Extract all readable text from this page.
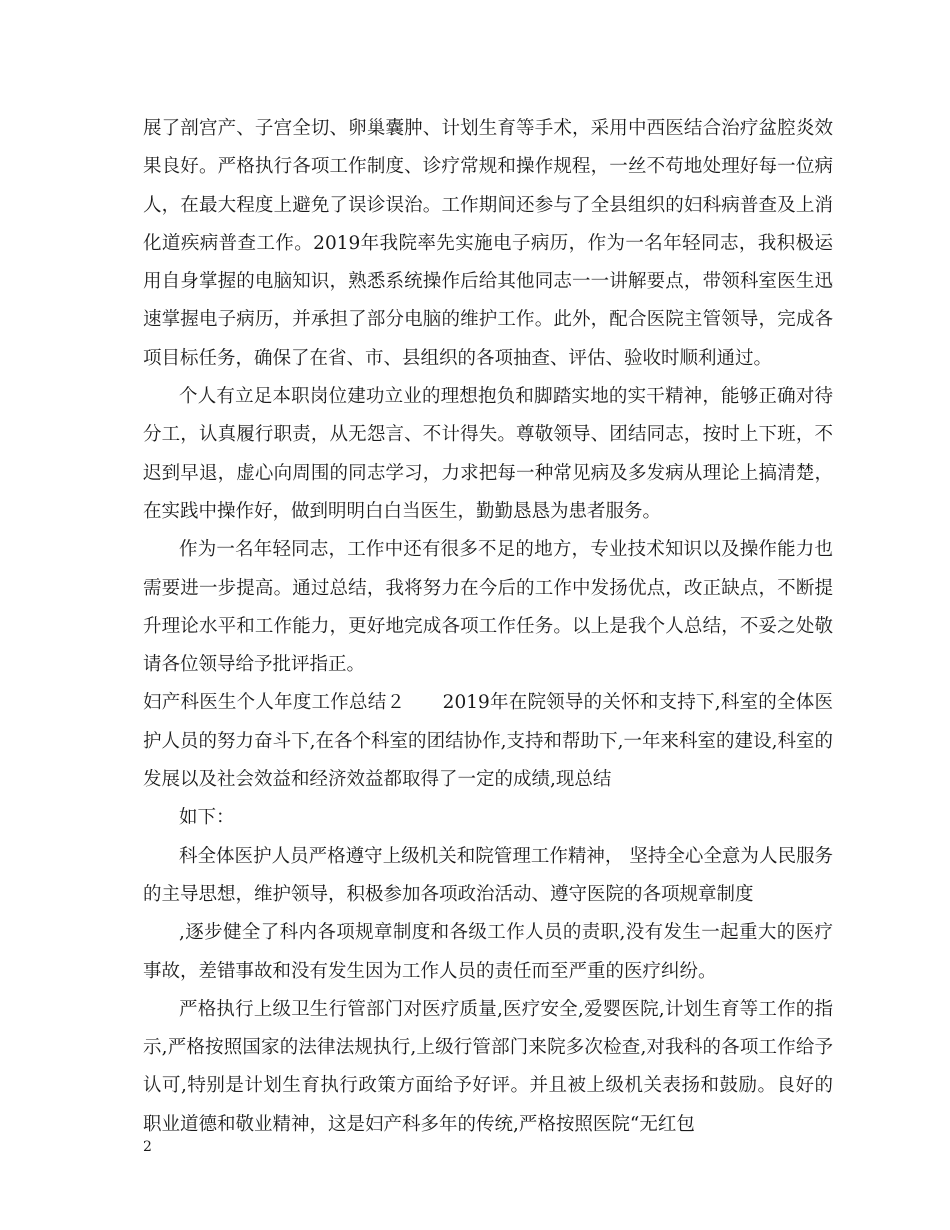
展了剖宫产、子宫全切、卵巢囊肿、计划生育等手术，采用中西医结合治疗盆腔炎效果良好。严格执行各项工作制度、诊疗常规和操作规程，一丝不苟地处理好每一位病人，在最大程度上避免了误诊误治。工作期间还参与了全县组织的妇科病普查及上消化道疾病普查工作。2019年我院率先实施电子病历，作为一名年轻同志，我积极运用自身掌握的电脑知识，熟悉系统操作后给其他同志一一讲解要点，带领科室医生迅速掌握电子病历，并承担了部分电脑的维护工作。此外，配合医院主管领导，完成各项目标任务，确保了在省、市、县组织的各项抽查、评估、验收时顺利通过。

个人有立足本职岗位建功立业的理想抱负和脚踏实地的实干精神，能够正确对待分工，认真履行职责，从无怨言、不计得失。尊敬领导、团结同志，按时上下班，不迟到早退，虚心向周围的同志学习，力求把每一种常见病及多发病从理论上搞清楚，在实践中操作好，做到明明白白当医生，勤勤恳恳为患者服务。

作为一名年轻同志，工作中还有很多不足的地方，专业技术知识以及操作能力也需要进一步提高。通过总结，我将努力在今后的工作中发扬优点，改正缺点，不断提升理论水平和工作能力，更好地完成各项工作任务。以上是我个人总结，不妥之处敬请各位领导给予批评指正。

妇产科医生个人年度工作总结２　　2019年在院领导的关怀和支持下,科室的全体医护人员的努力奋斗下,在各个科室的团结协作,支持和帮助下,一年来科室的建设,科室的发展以及社会效益和经济效益都取得了一定的成绩,现总结

如下：

科全体医护人员严格遵守上级机关和院管理工作精神， 坚持全心全意为人民服务的主导思想，维护领导，积极参加各项政治活动、遵守医院的各项规章制度

,逐步健全了科内各项规章制度和各级工作人员的责职,没有发生一起重大的医疗事故，差错事故和没有发生因为工作人员的责任而至严重的医疗纠纷。

严格执行上级卫生行管部门对医疗质量,医疗安全,爱婴医院,计划生育等工作的指示,严格按照国家的法律法规执行,上级行管部门来院多次检查,对我科的各项工作给予认可,特别是计划生育执行政策方面给予好评。并且被上级机关表扬和鼓励。良好的职业道德和敬业精神，这是妇产科多年的传统,严格按照医院“无红包

2
